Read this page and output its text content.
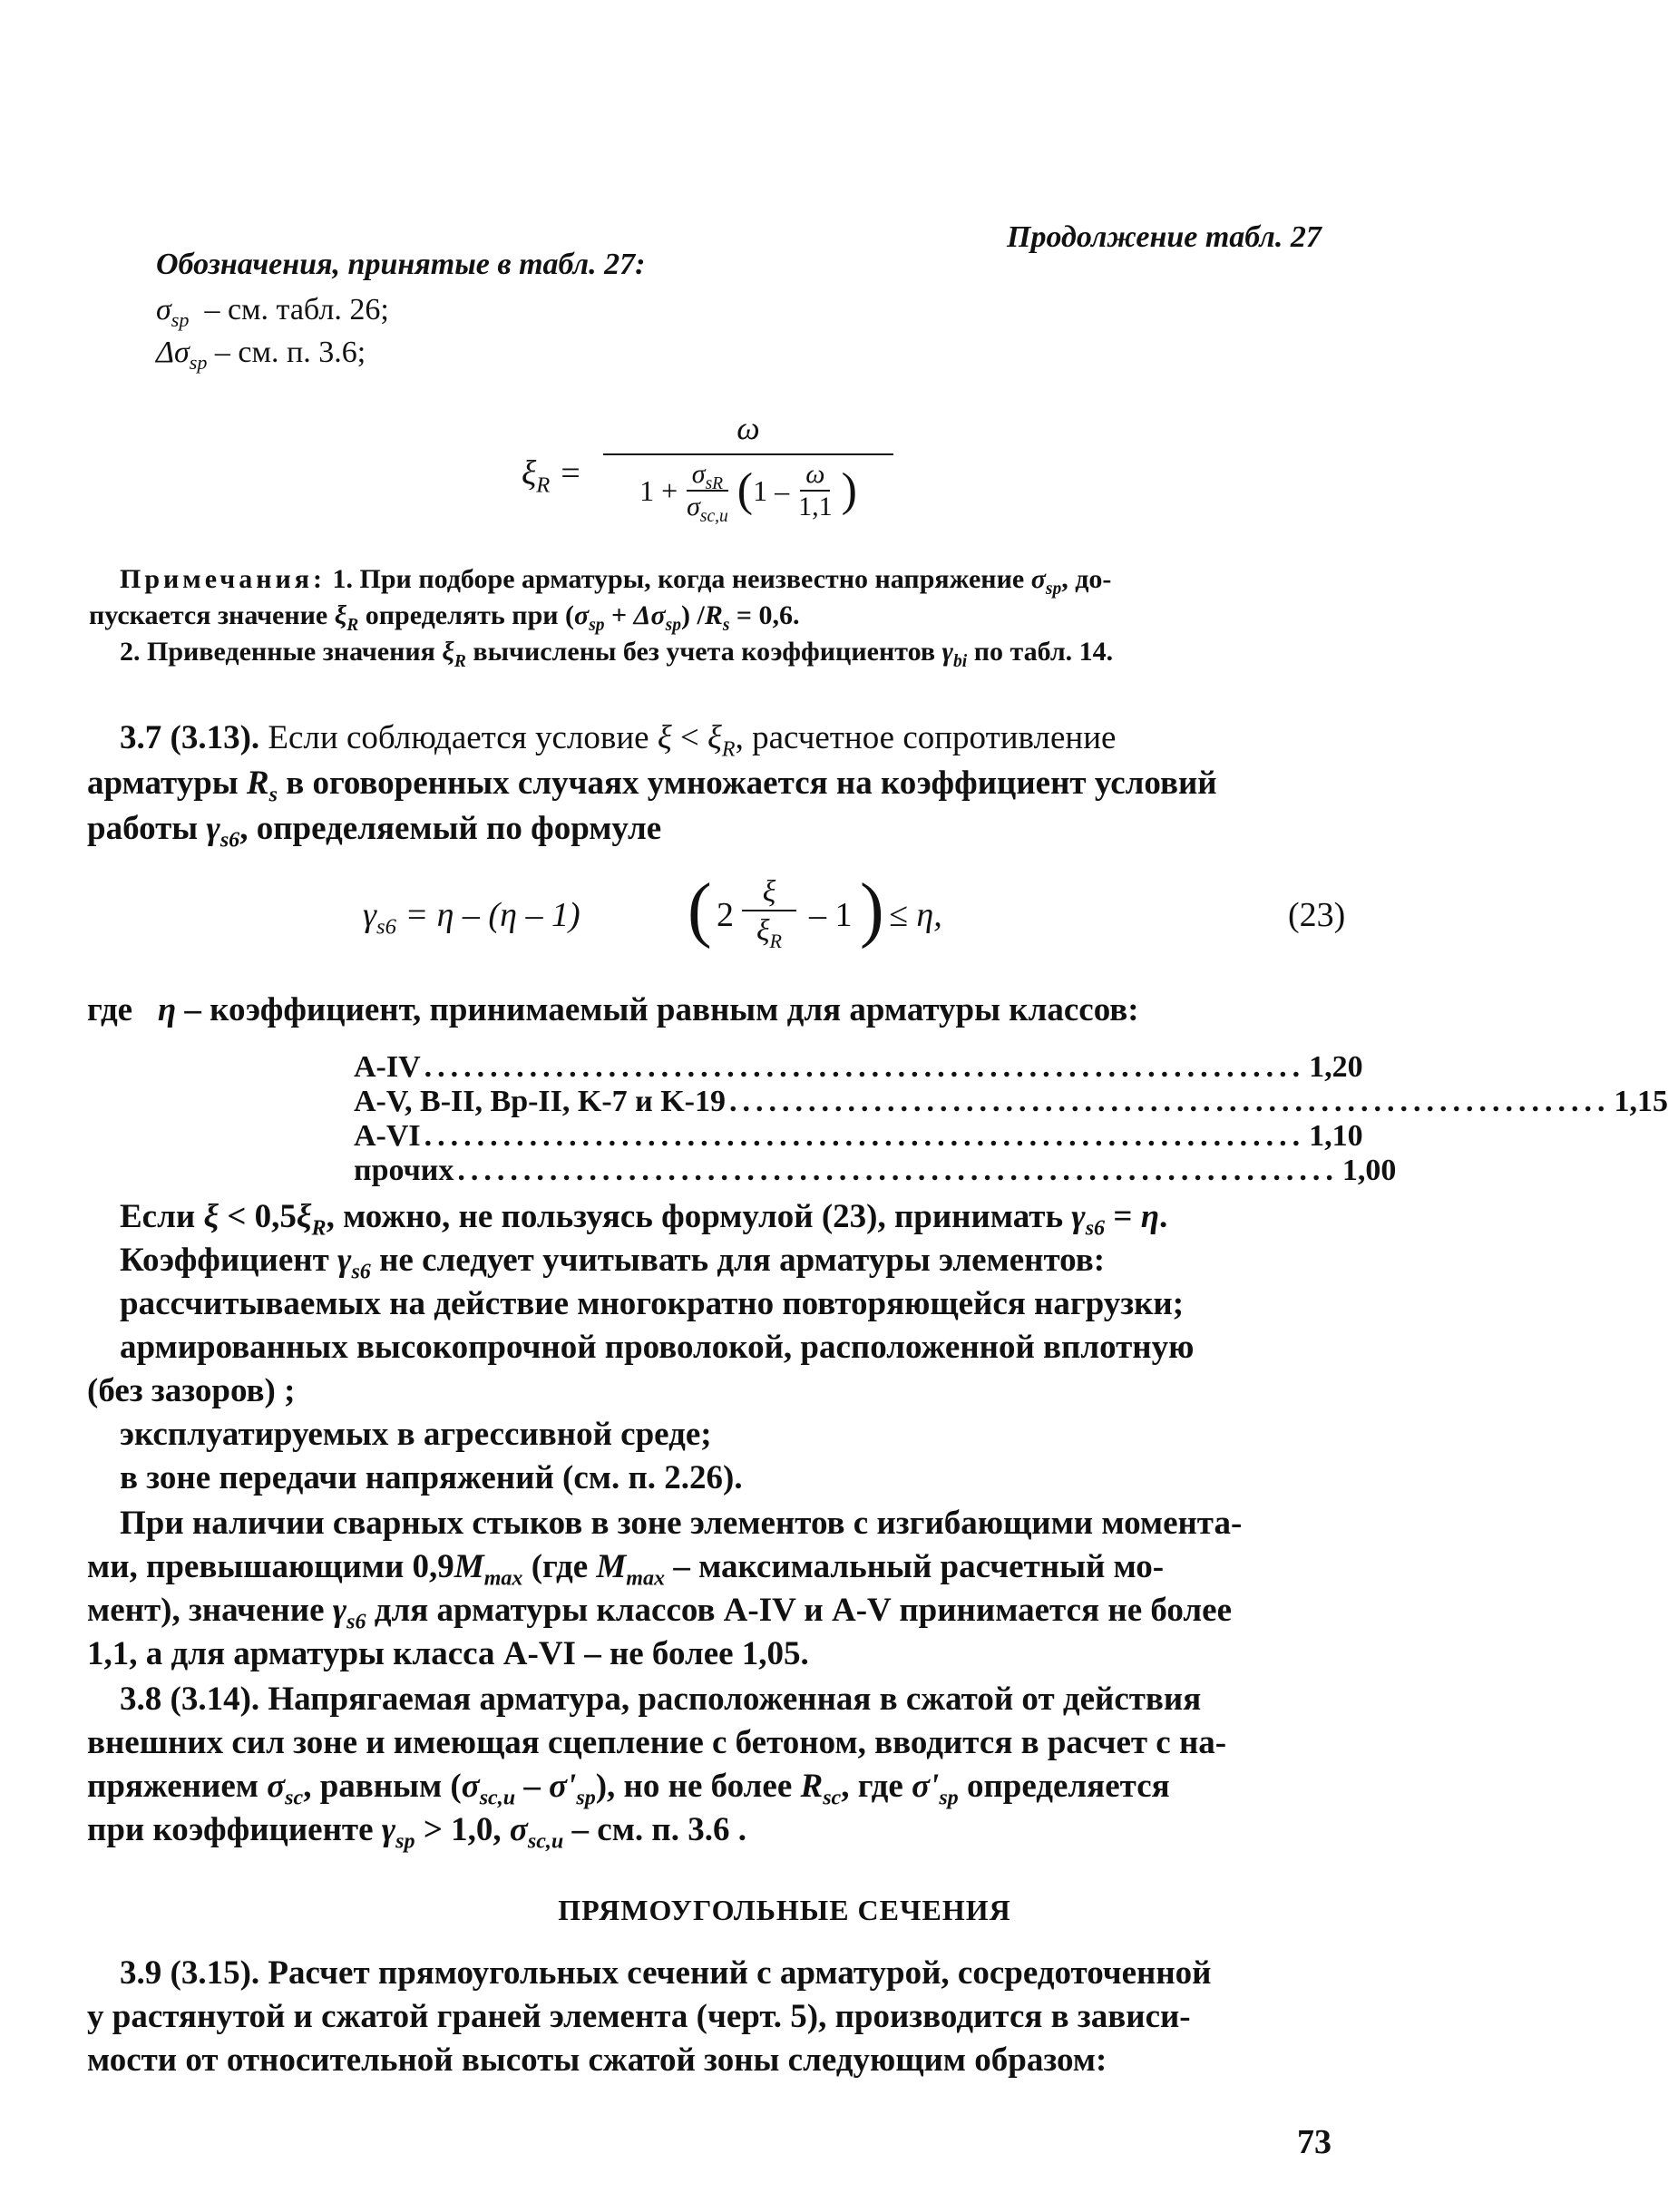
Продолжение табл. 27
Обозначения, принятые в табл. 27:
$\sigma_{sp}$ – см. табл. 26;
$\Delta\sigma_{sp}$ – см. п. 3.6;
$\xi_R$ =
ω
$1 + \frac{\sigma_{sR}}{\sigma_{sc,u}}$ ( $1 - \frac{\omega}{1,1}$ )
Примечания: 1. При подборе арматуры, когда неизвестно напряжение $\sigma_{sp}$, до-
пускается значение $\xi_R$ определять при $(\sigma_{sp} + \Delta\sigma_{sp}) /R_s = 0,6$.
2. Приведенные значения $\xi_R$ вычислены без учета коэффициентов $\gamma_{bi}$ по табл. 14.
3.7 (3.13). Если соблюдается условие $\xi < \xi_R$, расчетное сопротивление
арматуры $R_s$ в оговоренных случаях умножается на коэффициент условий
работы $\gamma_{s6}$, определяемый по формуле
$\gamma_{s6} = \eta - (\eta - 1)$ ( 2
ξ
$\xi_R$
– 1 ) ≤ η,	(23)
где   η – коэффициент, принимаемый равным для арматуры классов:
A-IV ................................................................... 1,20
A-V, B-II, Bp-II, K-7 и K-19 ................................................................... 1,15
A-VI ................................................................... 1,10
прочих ................................................................... 1,00
Если $\xi < 0,5\xi_R$, можно, не пользуясь формулой (23), принимать $\gamma_{s6} = \eta$.
Коэффициент $\gamma_{s6}$ не следует учитывать для арматуры элементов:
рассчитываемых на действие многократно повторяющейся нагрузки;
армированных высокопрочной проволокой, расположенной вплотную
(без зазоров) ;
эксплуатируемых в агрессивной среде;
в зоне передачи напряжений (см. п. 2.26).
При наличии сварных стыков в зоне элементов с изгибающими момента-
ми, превышающими $0,9M_{max}$ (где $M_{max}$ – максимальный расчетный мо-
мент), значение $\gamma_{s6}$ для арматуры классов A-IV и A-V принимается не более
1,1, а для арматуры класса A-VI – не более 1,05.
3.8 (3.14). Напрягаемая арматура, расположенная в сжатой от действия
внешних сил зоне и имеющая сцепление с бетоном, вводится в расчет с на-
пряжением $\sigma_{sc}$, равным $(\sigma_{sc,u} - \sigma'_{sp})$, но не более $R_{sc}$, где $\sigma'_{sp}$ определяется
при коэффициенте $\gamma_{sp} > 1,0$, $\sigma_{sc,u}$ – см. п. 3.6 .
ПРЯМОУГОЛЬНЫЕ СЕЧЕНИЯ
3.9 (3.15). Расчет прямоугольных сечений с арматурой, сосредоточенной
у растянутой и сжатой граней элемента (черт. 5), производится в зависи-
мости от относительной высоты сжатой зоны следующим образом:
73
